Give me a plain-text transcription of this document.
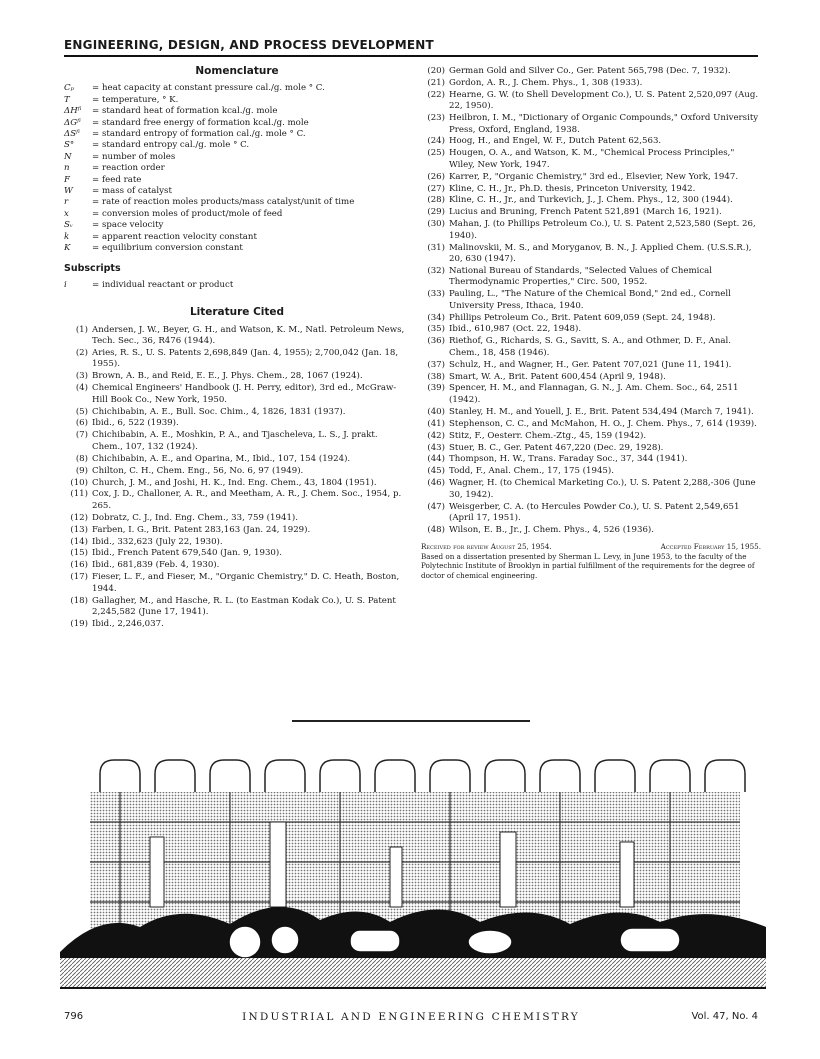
ENGINEERING, DESIGN, AND PROCESS DEVELOPMENT
Nomenclature
Cₚ	= heat capacity at constant pressure cal./g. mole ° C.
T	= temperature, ° K.
ΔHᶠⁱ	= standard heat of formation kcal./g. mole
ΔGᶠⁱ	= standard free energy of formation kcal./g. mole
ΔSᶠⁱ	= standard entropy of formation cal./g. mole ° C.
S°	= standard entropy cal./g. mole ° C.
N	= number of moles
n	= reaction order
F	= feed rate
W	= mass of catalyst
r	= rate of reaction moles products/mass catalyst/unit of time
x	= conversion moles of product/mole of feed
Sᵥ	= space velocity
k	= apparent reaction velocity constant
K	= equilibrium conversion constant
Subscripts
i	= individual reactant or product
Literature Cited
(1) Andersen, J. W., Beyer, G. H., and Watson, K. M., Natl. Petroleum News, Tech. Sec., 36, R476 (1944).
(2) Aries, R. S., U. S. Patents 2,698,849 (Jan. 4, 1955); 2,700,042 (Jan. 18, 1955).
(3) Brown, A. B., and Reid, E. E., J. Phys. Chem., 28, 1067 (1924).
(4) Chemical Engineers' Handbook (J. H. Perry, editor), 3rd ed., McGraw-Hill Book Co., New York, 1950.
(5) Chichibabin, A. E., Bull. Soc. Chim., 4, 1826, 1831 (1937).
(6) Ibid., 6, 522 (1939).
(7) Chichibabin, A. E., Moshkin, P. A., and Tjascheleva, L. S., J. prakt. Chem., 107, 132 (1924).
(8) Chichibabin, A. E., and Oparina, M., Ibid., 107, 154 (1924).
(9) Chilton, C. H., Chem. Eng., 56, No. 6, 97 (1949).
(10) Church, J. M., and Joshi, H. K., Ind. Eng. Chem., 43, 1804 (1951).
(11) Cox, J. D., Challoner, A. R., and Meetham, A. R., J. Chem. Soc., 1954, p. 265.
(12) Dobratz, C. J., Ind. Eng. Chem., 33, 759 (1941).
(13) Farben, I. G., Brit. Patent 283,163 (Jan. 24, 1929).
(14) Ibid., 332,623 (July 22, 1930).
(15) Ibid., French Patent 679,540 (Jan. 9, 1930).
(16) Ibid., 681,839 (Feb. 4, 1930).
(17) Fieser, L. F., and Fieser, M., "Organic Chemistry," D. C. Heath, Boston, 1944.
(18) Gallagher, M., and Hasche, R. L. (to Eastman Kodak Co.), U. S. Patent 2,245,582 (June 17, 1941).
(19) Ibid., 2,246,037.
(20) German Gold and Silver Co., Ger. Patent 565,798 (Dec. 7, 1932).
(21) Gordon, A. R., J. Chem. Phys., 1, 308 (1933).
(22) Hearne, G. W. (to Shell Development Co.), U. S. Patent 2,520,097 (Aug. 22, 1950).
(23) Heilbron, I. M., "Dictionary of Organic Compounds," Oxford University Press, Oxford, England, 1938.
(24) Hoog, H., and Engel, W. F., Dutch Patent 62,563.
(25) Hougen, O. A., and Watson, K. M., "Chemical Process Principles," Wiley, New York, 1947.
(26) Karrer, P., "Organic Chemistry," 3rd ed., Elsevier, New York, 1947.
(27) Kline, C. H., Jr., Ph.D. thesis, Princeton University, 1942.
(28) Kline, C. H., Jr., and Turkevich, J., J. Chem. Phys., 12, 300 (1944).
(29) Lucius and Bruning, French Patent 521,891 (March 16, 1921).
(30) Mahan, J. (to Phillips Petroleum Co.), U. S. Patent 2,523,580 (Sept. 26, 1940).
(31) Malinovskii, M. S., and Moryganov, B. N., J. Applied Chem. (U.S.S.R.), 20, 630 (1947).
(32) National Bureau of Standards, "Selected Values of Chemical Thermodynamic Properties," Circ. 500, 1952.
(33) Pauling, L., "The Nature of the Chemical Bond," 2nd ed., Cornell University Press, Ithaca, 1940.
(34) Phillips Petroleum Co., Brit. Patent 609,059 (Sept. 24, 1948).
(35) Ibid., 610,987 (Oct. 22, 1948).
(36) Riethof, G., Richards, S. G., Savitt, S. A., and Othmer, D. F., Anal. Chem., 18, 458 (1946).
(37) Schulz, H., and Wagner, H., Ger. Patent 707,021 (June 11, 1941).
(38) Smart, W. A., Brit. Patent 600,454 (April 9, 1948).
(39) Spencer, H. M., and Flannagan, G. N., J. Am. Chem. Soc., 64, 2511 (1942).
(40) Stanley, H. M., and Youell, J. E., Brit. Patent 534,494 (March 7, 1941).
(41) Stephenson, C. C., and McMahon, H. O., J. Chem. Phys., 7, 614 (1939).
(42) Stitz, F., Oesterr. Chem.-Ztg., 45, 159 (1942).
(43) Stuer, B. C., Ger. Patent 467,220 (Dec. 29, 1928).
(44) Thompson, H. W., Trans. Faraday Soc., 37, 344 (1941).
(45) Todd, F., Anal. Chem., 17, 175 (1945).
(46) Wagner, H. (to Chemical Marketing Co.), U. S. Patent 2,288,-306 (June 30, 1942).
(47) Weisgerber, C. A. (to Hercules Powder Co.), U. S. Patent 2,549,651 (April 17, 1951).
(48) Wilson, E. B., Jr., J. Chem. Phys., 4, 526 (1936).
Received for review August 25, 1954.	Accepted February 15, 1955.
Based on a dissertation presented by Sherman L. Levy, in June 1953, to the faculty of the Polytechnic Institute of Brooklyn in partial fulfillment of the requirements for the degree of doctor of chemical engineering.
796	INDUSTRIAL AND ENGINEERING CHEMISTRY	Vol. 47, No. 4
